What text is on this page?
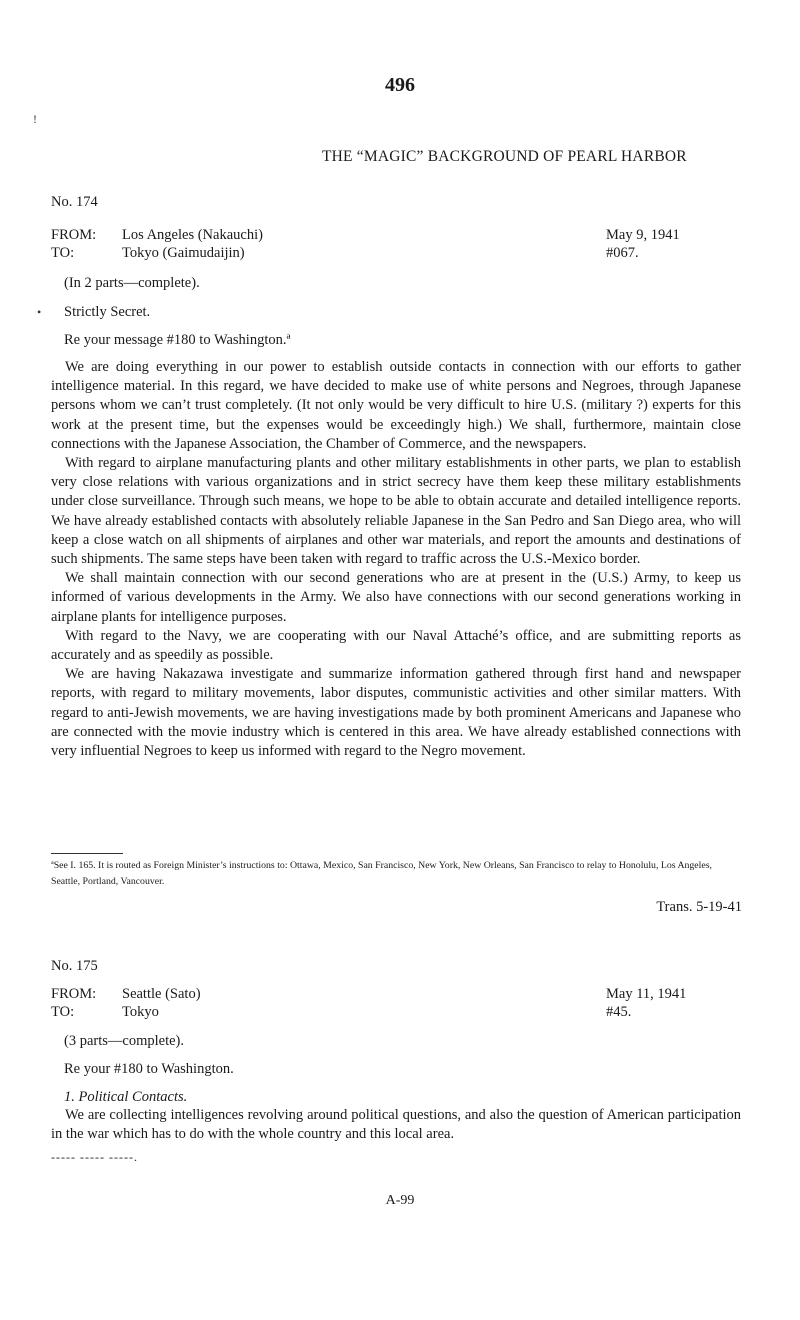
496
!
THE “MAGIC” BACKGROUND OF PEARL HARBOR
No. 174
FROM: Los Angeles (Nakauchi)
TO:	Tokyo (Gaimudaijin)
May 9, 1941
#067.
(In 2 parts—complete).
• Strictly Secret.
Re your message #180 to Washington.ª

We are doing everything in our power to establish outside contacts in connection with our efforts to gather intelligence material. In this regard, we have decided to make use of white persons and Negroes, through Japanese persons whom we can’t trust completely. (It not only would be very difficult to hire U.S. (military ?) experts for this work at the present time, but the expenses would be exceedingly high.) We shall, furthermore, maintain close connections with the Japanese Association, the Chamber of Commerce, and the newspapers.

With regard to airplane manufacturing plants and other military establishments in other parts, we plan to establish very close relations with various organizations and in strict secrecy have them keep these military establishments under close surveillance. Through such means, we hope to be able to obtain accurate and detailed intelligence reports. We have already established contacts with absolutely reliable Japanese in the San Pedro and San Diego area, who will keep a close watch on all shipments of airplanes and other war materials, and report the amounts and destinations of such shipments. The same steps have been taken with regard to traffic across the U.S.-Mexico border.

We shall maintain connection with our second generations who are at present in the (U.S.) Army, to keep us informed of various developments in the Army. We also have connections with our second generations working in airplane plants for intelligence purposes.

With regard to the Navy, we are cooperating with our Naval Attaché’s office, and are submitting reports as accurately and as speedily as possible.

We are having Nakazawa investigate and summarize information gathered through first hand and newspaper reports, with regard to military movements, labor disputes, communistic activities and other similar matters. With regard to anti-Jewish movements, we are having investigations made by both prominent Americans and Japanese who are connected with the movie industry which is centered in this area. We have already established connections with very influential Negroes to keep us informed with regard to the Negro movement.

ªSee I. 165. It is routed as Foreign Minister’s instructions to: Ottawa, Mexico, San Francisco, New York, New Orleans, San Francisco to relay to Honolulu, Los Angeles, Seattle, Portland, Vancouver.
Trans. 5-19-41
No. 175
FROM: Seattle (Sato)
TO:	Tokyo
May 11, 1941
#45.
(3 parts—complete).
Re your #180 to Washington.
1. Political Contacts.

We are collecting intelligences revolving around political questions, and also the question of American participation in the war which has to do with the whole country and this local area.

----- ----- -----.
A-99
